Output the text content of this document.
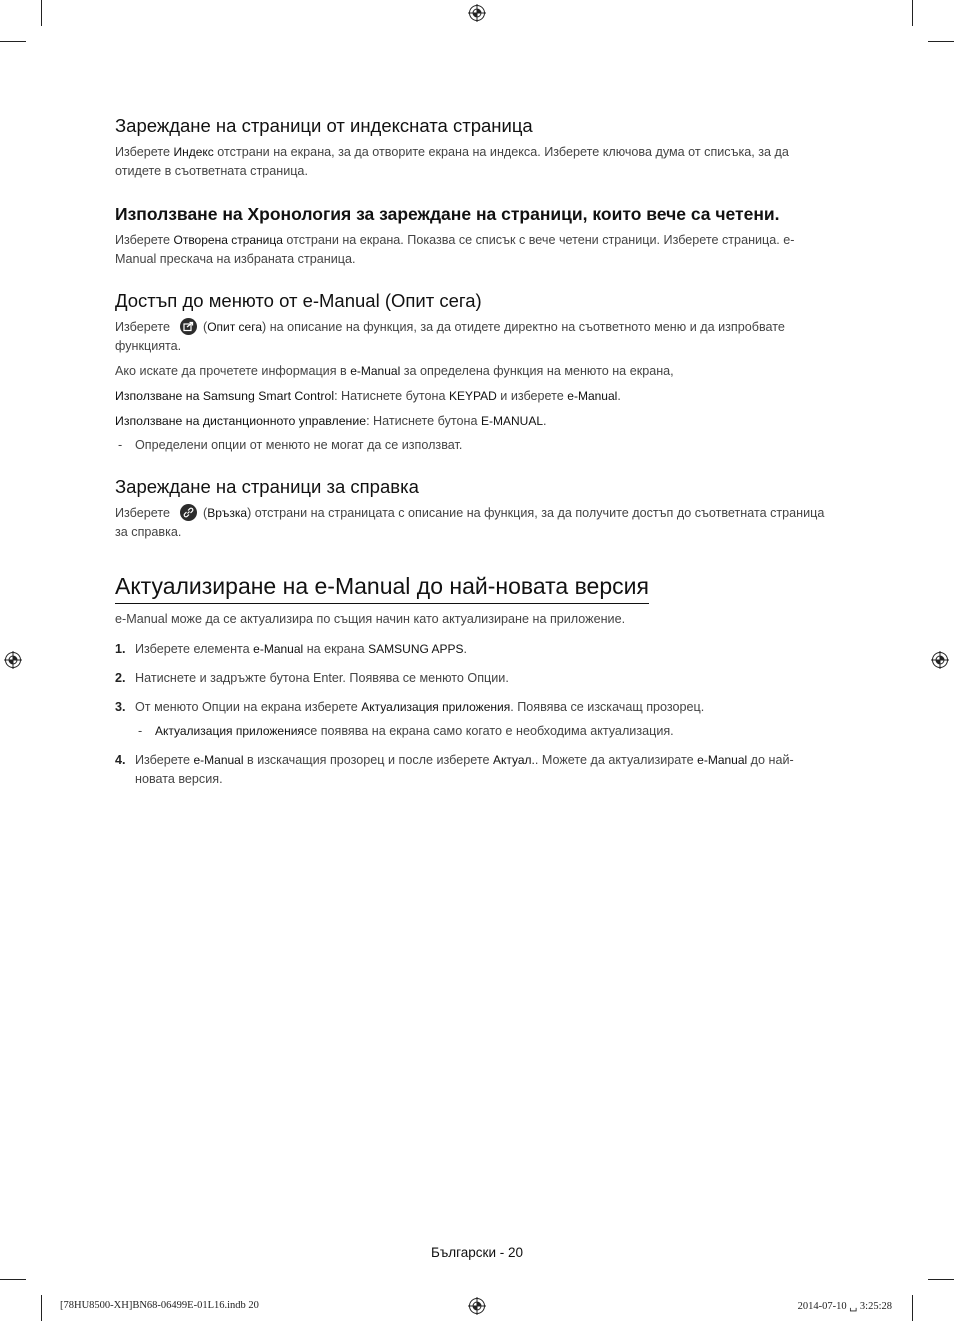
Зареждане на страници от индексната страница

Изберете Индекс отстрани на екрана, за да отворите екрана на индекса. Изберете ключова дума от списъка, за да отидете в съответната страница.

Използване на Хронология за зареждане на страници, които вече са четени.

Изберете Отворена страница отстрани на екрана. Показва се списък с вече четени страници. Изберете страница. e-Manual прескача на избраната страница.

Достъп до менюто от e-Manual (Опит сега)

Изберете	(Опит сега) на описание на функция, за да отидете директно на съответното меню и да изпробвате функцията.

Ако искате да прочетете информация в e-Manual за определена функция на менюто на екрана,

Използване на Samsung Smart Control: Натиснете бутона KEYPAD и изберете e-Manual.

Използване на дистанционното управление: Натиснете бутона E-MANUAL.

- Определени опции от менюто не могат да се използват.
Зареждане на страници за справка

Изберете	(Връзка) отстрани на страницата с описание на функция, за да получите достъп до съответната страница за справка.

Актуализиране на e-Manual до най-новата версия

e-Manual може да се актуализира по същия начин като актуализиране на приложение.

1. Изберете елемента e-Manual на екрана SAMSUNG APPS.
2. Натиснете и задръжте бутона Enter. Появява се менюто Опции.
3. От менюто Опции на екрана изберете Актуализация приложения. Появява се изскачащ прозорец.
- Актуализация приложениясе появява на екрана само когато е необходима актуализация.
4. Изберете e-Manual в изскачащия прозорец и после изберете Актуал.. Можете да актуализирате e-Manual до най-новата версия.
Български - 20
[78HU8500-XH]BN68-06499E-01L16.indb 20	2014-07-10 ␣ 3:25:28
